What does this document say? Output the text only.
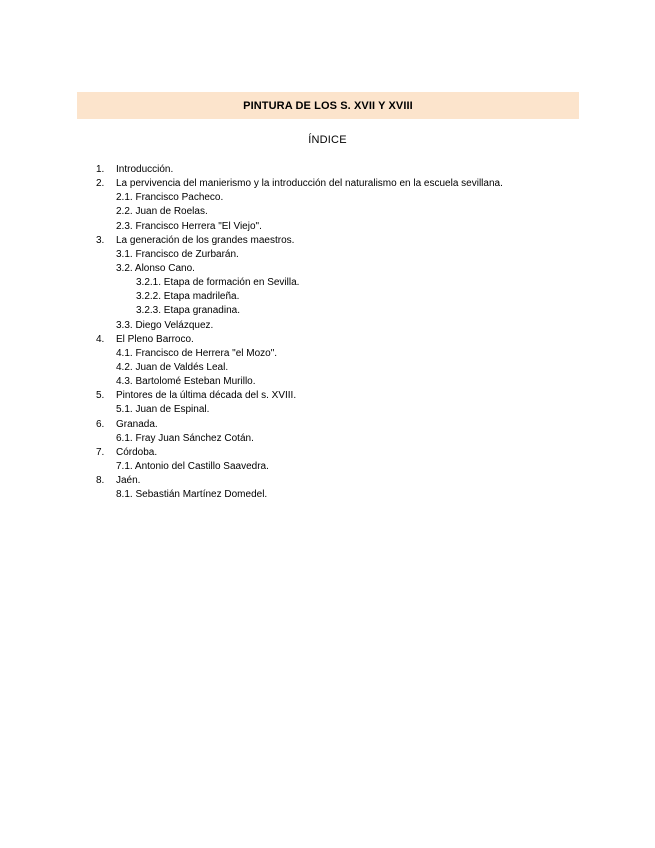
PINTURA DE LOS S. XVII Y XVIII
ÍNDICE
1. Introducción.
2. La pervivencia del manierismo y la introducción del naturalismo en la escuela sevillana.
2.1. Francisco Pacheco.
2.2. Juan de Roelas.
2.3. Francisco Herrera "El Viejo".
3. La generación de los grandes maestros.
3.1. Francisco de Zurbarán.
3.2. Alonso Cano.
3.2.1. Etapa de formación en Sevilla.
3.2.2. Etapa madrileña.
3.2.3. Etapa granadina.
3.3. Diego Velázquez.
4. El Pleno Barroco.
4.1. Francisco de Herrera "el Mozo".
4.2. Juan de Valdés Leal.
4.3. Bartolomé Esteban Murillo.
5. Pintores de la última década del s. XVIII.
5.1. Juan de Espinal.
6. Granada.
6.1. Fray Juan Sánchez Cotán.
7. Córdoba.
7.1. Antonio del Castillo Saavedra.
8. Jaén.
8.1. Sebastián Martínez Domedel.
